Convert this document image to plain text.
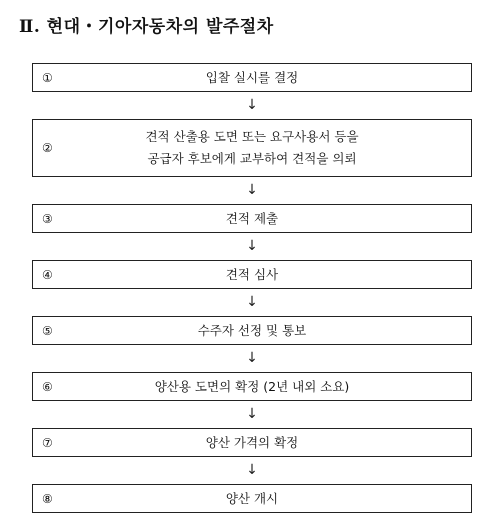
Ⅱ. 현대・기아자동차의 발주절차
①	입찰 실시를 결정
↓
②
견적 산출용 도면 또는 요구사용서 등을
공급자 후보에게 교부하여 견적을 의뢰
↓
③	견적 제출
↓
④	견적 심사
↓
⑤	수주자 선정 및 통보
↓
⑥	양산용 도면의 확정 (2년 내외 소요)
↓
⑦	양산 가격의 확정
↓
⑧	양산 개시
